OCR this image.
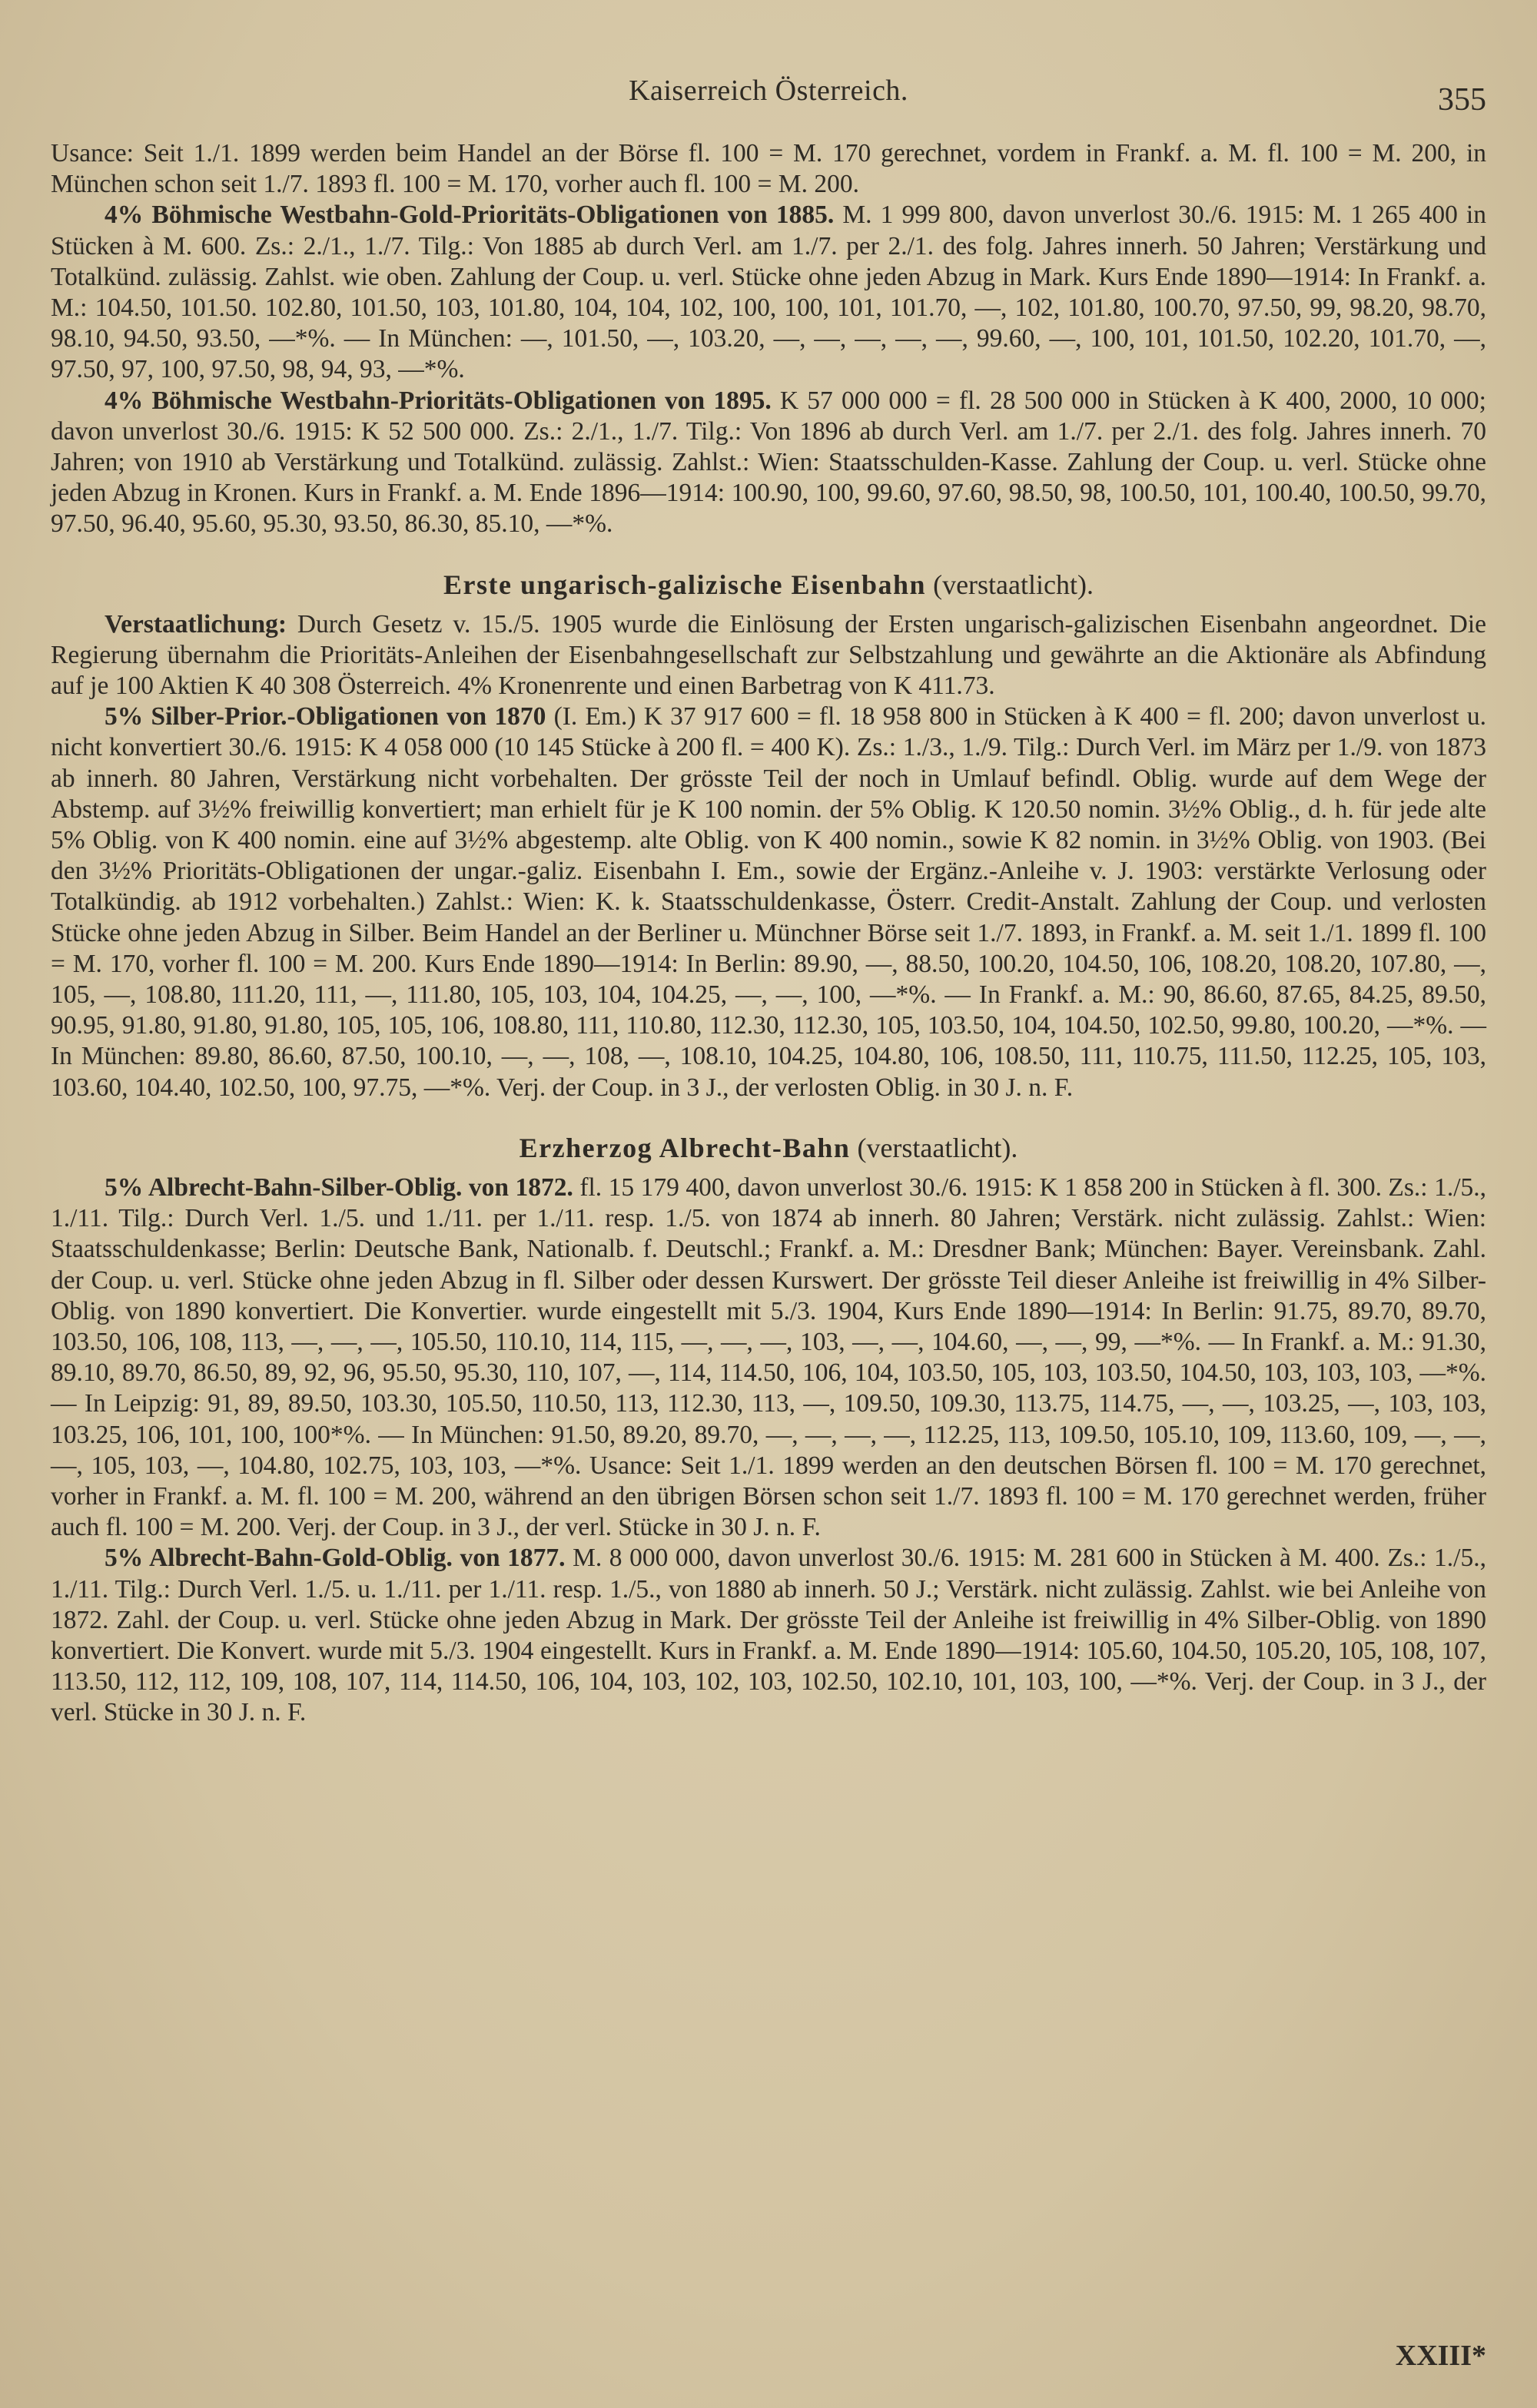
Kaiserreich Österreich.	355

Usance: Seit 1./1. 1899 werden beim Handel an der Börse fl. 100 = M. 170 gerechnet, vordem in Frankf. a. M. fl. 100 = M. 200, in München schon seit 1./7. 1893 fl. 100 = M. 170, vorher auch fl. 100 = M. 200.

4% Böhmische Westbahn-Gold-Prioritäts-Obligationen von 1885. M. 1 999 800, davon unverlost 30./6. 1915: M. 1 265 400 in Stücken à M. 600. Zs.: 2./1., 1./7. Tilg.: Von 1885 ab durch Verl. am 1./7. per 2./1. des folg. Jahres innerh. 50 Jahren; Verstärkung und Totalkünd. zulässig. Zahlst. wie oben. Zahlung der Coup. u. verl. Stücke ohne jeden Abzug in Mark. Kurs Ende 1890—1914: In Frankf. a. M.: 104.50, 101.50. 102.80, 101.50, 103, 101.80, 104, 104, 102, 100, 100, 101, 101.70, —, 102, 101.80, 100.70, 97.50, 99, 98.20, 98.70, 98.10, 94.50, 93.50, —*%. — In München: —, 101.50, —, 103.20, —, —, —, —, —, 99.60, —, 100, 101, 101.50, 102.20, 101.70, —, 97.50, 97, 100, 97.50, 98, 94, 93, —*%.

4% Böhmische Westbahn-Prioritäts-Obligationen von 1895. K 57 000 000 = fl. 28 500 000 in Stücken à K 400, 2000, 10 000; davon unverlost 30./6. 1915: K 52 500 000. Zs.: 2./1., 1./7. Tilg.: Von 1896 ab durch Verl. am 1./7. per 2./1. des folg. Jahres innerh. 70 Jahren; von 1910 ab Verstärkung und Totalkünd. zulässig. Zahlst.: Wien: Staatsschulden-Kasse. Zahlung der Coup. u. verl. Stücke ohne jeden Abzug in Kronen. Kurs in Frankf. a. M. Ende 1896—1914: 100.90, 100, 99.60, 97.60, 98.50, 98, 100.50, 101, 100.40, 100.50, 99.70, 97.50, 96.40, 95.60, 95.30, 93.50, 86.30, 85.10, —*%.

Erste ungarisch-galizische Eisenbahn (verstaatlicht).

Verstaatlichung: Durch Gesetz v. 15./5. 1905 wurde die Einlösung der Ersten ungarisch-galizischen Eisenbahn angeordnet. Die Regierung übernahm die Prioritäts-Anleihen der Eisenbahngesellschaft zur Selbstzahlung und gewährte an die Aktionäre als Abfindung auf je 100 Aktien K 40 308 Österreich. 4% Kronenrente und einen Barbetrag von K 411.73.

5% Silber-Prior.-Obligationen von 1870 (I. Em.) K 37 917 600 = fl. 18 958 800 in Stücken à K 400 = fl. 200; davon unverlost u. nicht konvertiert 30./6. 1915: K 4 058 000 (10 145 Stücke à 200 fl. = 400 K). Zs.: 1./3., 1./9. Tilg.: Durch Verl. im März per 1./9. von 1873 ab innerh. 80 Jahren, Verstärkung nicht vorbehalten. Der grösste Teil der noch in Umlauf befindl. Oblig. wurde auf dem Wege der Abstemp. auf 3½% freiwillig konvertiert; man erhielt für je K 100 nomin. der 5% Oblig. K 120.50 nomin. 3½% Oblig., d. h. für jede alte 5% Oblig. von K 400 nomin. eine auf 3½% abgestemp. alte Oblig. von K 400 nomin., sowie K 82 nomin. in 3½% Oblig. von 1903. (Bei den 3½% Prioritäts-Obligationen der ungar.-galiz. Eisenbahn I. Em., sowie der Ergänz.-Anleihe v. J. 1903: verstärkte Verlosung oder Totalkündig. ab 1912 vorbehalten.) Zahlst.: Wien: K. k. Staatsschuldenkasse, Österr. Credit-Anstalt. Zahlung der Coup. und verlosten Stücke ohne jeden Abzug in Silber. Beim Handel an der Berliner u. Münchner Börse seit 1./7. 1893, in Frankf. a. M. seit 1./1. 1899 fl. 100 = M. 170, vorher fl. 100 = M. 200. Kurs Ende 1890—1914: In Berlin: 89.90, —, 88.50, 100.20, 104.50, 106, 108.20, 108.20, 107.80, —, 105, —, 108.80, 111.20, 111, —, 111.80, 105, 103, 104, 104.25, —, —, 100, —*%. — In Frankf. a. M.: 90, 86.60, 87.65, 84.25, 89.50, 90.95, 91.80, 91.80, 91.80, 105, 105, 106, 108.80, 111, 110.80, 112.30, 112.30, 105, 103.50, 104, 104.50, 102.50, 99.80, 100.20, —*%. — In München: 89.80, 86.60, 87.50, 100.10, —, —, 108, —, 108.10, 104.25, 104.80, 106, 108.50, 111, 110.75, 111.50, 112.25, 105, 103, 103.60, 104.40, 102.50, 100, 97.75, —*%. Verj. der Coup. in 3 J., der verlosten Oblig. in 30 J. n. F.

Erzherzog Albrecht-Bahn (verstaatlicht).

5% Albrecht-Bahn-Silber-Oblig. von 1872. fl. 15 179 400, davon unverlost 30./6. 1915: K 1 858 200 in Stücken à fl. 300. Zs.: 1./5., 1./11. Tilg.: Durch Verl. 1./5. und 1./11. per 1./11. resp. 1./5. von 1874 ab innerh. 80 Jahren; Verstärk. nicht zulässig. Zahlst.: Wien: Staatsschuldenkasse; Berlin: Deutsche Bank, Nationalb. f. Deutschl.; Frankf. a. M.: Dresdner Bank; München: Bayer. Vereinsbank. Zahl. der Coup. u. verl. Stücke ohne jeden Abzug in fl. Silber oder dessen Kurswert. Der grösste Teil dieser Anleihe ist freiwillig in 4% Silber-Oblig. von 1890 konvertiert. Die Konvertier. wurde eingestellt mit 5./3. 1904, Kurs Ende 1890—1914: In Berlin: 91.75, 89.70, 89.70, 103.50, 106, 108, 113, —, —, —, 105.50, 110.10, 114, 115, —, —, —, 103, —, —, 104.60, —, —, 99, —*%. — In Frankf. a. M.: 91.30, 89.10, 89.70, 86.50, 89, 92, 96, 95.50, 95.30, 110, 107, —, 114, 114.50, 106, 104, 103.50, 105, 103, 103.50, 104.50, 103, 103, 103, —*%. — In Leipzig: 91, 89, 89.50, 103.30, 105.50, 110.50, 113, 112.30, 113, —, 109.50, 109.30, 113.75, 114.75, —, —, 103.25, —, 103, 103, 103.25, 106, 101, 100, 100*%. — In München: 91.50, 89.20, 89.70, —, —, —, —, 112.25, 113, 109.50, 105.10, 109, 113.60, 109, —, —, —, 105, 103, —, 104.80, 102.75, 103, 103, —*%. Usance: Seit 1./1. 1899 werden an den deutschen Börsen fl. 100 = M. 170 gerechnet, vorher in Frankf. a. M. fl. 100 = M. 200, während an den übrigen Börsen schon seit 1./7. 1893 fl. 100 = M. 170 gerechnet werden, früher auch fl. 100 = M. 200. Verj. der Coup. in 3 J., der verl. Stücke in 30 J. n. F.

5% Albrecht-Bahn-Gold-Oblig. von 1877. M. 8 000 000, davon unverlost 30./6. 1915: M. 281 600 in Stücken à M. 400. Zs.: 1./5., 1./11. Tilg.: Durch Verl. 1./5. u. 1./11. per 1./11. resp. 1./5., von 1880 ab innerh. 50 J.; Verstärk. nicht zulässig. Zahlst. wie bei Anleihe von 1872. Zahl. der Coup. u. verl. Stücke ohne jeden Abzug in Mark. Der grösste Teil der Anleihe ist freiwillig in 4% Silber-Oblig. von 1890 konvertiert. Die Konvert. wurde mit 5./3. 1904 eingestellt. Kurs in Frankf. a. M. Ende 1890—1914: 105.60, 104.50, 105.20, 105, 108, 107, 113.50, 112, 112, 109, 108, 107, 114, 114.50, 106, 104, 103, 102, 103, 102.50, 102.10, 101, 103, 100, —*%. Verj. der Coup. in 3 J., der verl. Stücke in 30 J. n. F.

XXIII*
